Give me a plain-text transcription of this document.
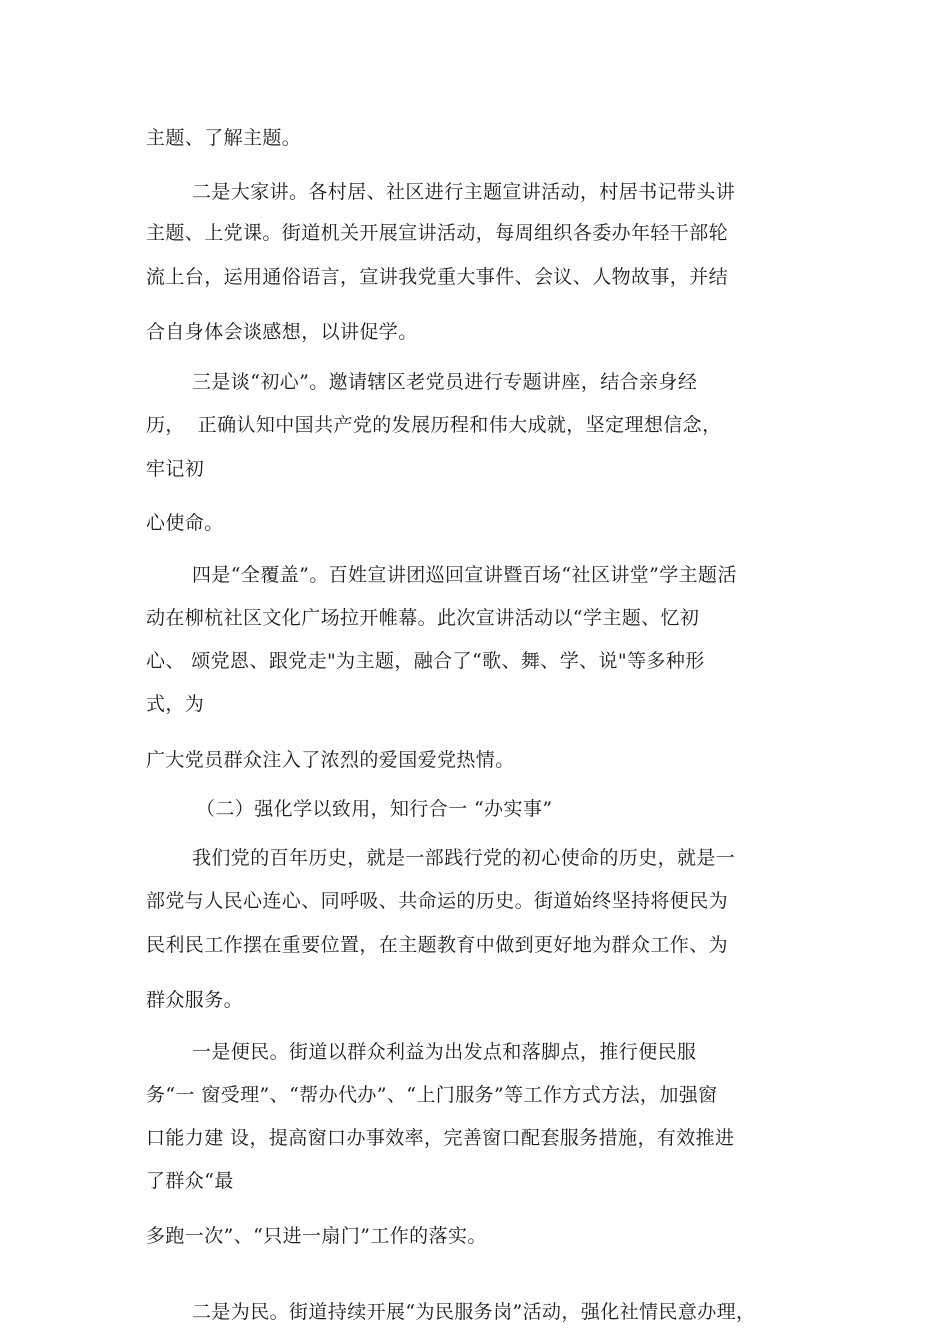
主题、了解主题。
二是大家讲。各村居、社区进行主题宣讲活动，村居书记带头讲
主题、上党课。街道机关开展宣讲活动，每周组织各委办年轻干部轮
流上台，运用通俗语言，宣讲我党重大事件、会议、人物故事，并结
合自身体会谈感想，以讲促学。
三是谈“初心”。邀请辖区老党员进行专题讲座，结合亲身经
历，  正确认知中国共产党的发展历程和伟大成就，坚定理想信念，
牢记初
心使命。
四是“全覆盖”。百姓宣讲团巡回宣讲暨百场“社区讲堂”学主题活
动在柳杭社区文化广场拉开帷幕。此次宣讲活动以“学主题、忆初
心、 颂党恩、跟党走"为主题，融合了“歌、舞、学、说"等多种形
式，为
广大党员群众注入了浓烈的爱国爱党热情。
（二）强化学以致用，知行合一 “办实事”
我们党的百年历史，就是一部践行党的初心使命的历史，就是一
部党与人民心连心、同呼吸、共命运的历史。街道始终坚持将便民为
民利民工作摆在重要位置，在主题教育中做到更好地为群众工作、为
群众服务。
一是便民。街道以群众利益为出发点和落脚点，推行便民服
务“一 窗受理”、“帮办代办”、“上门服务”等工作方式方法，加强窗
口能力建 设，提高窗口办事效率，完善窗口配套服务措施，有效推进
了群众“最
多跑一次”、“只进一扇门”工作的落实。
二是为民。街道持续开展“为民服务岗”活动，强化社情民意办理，
